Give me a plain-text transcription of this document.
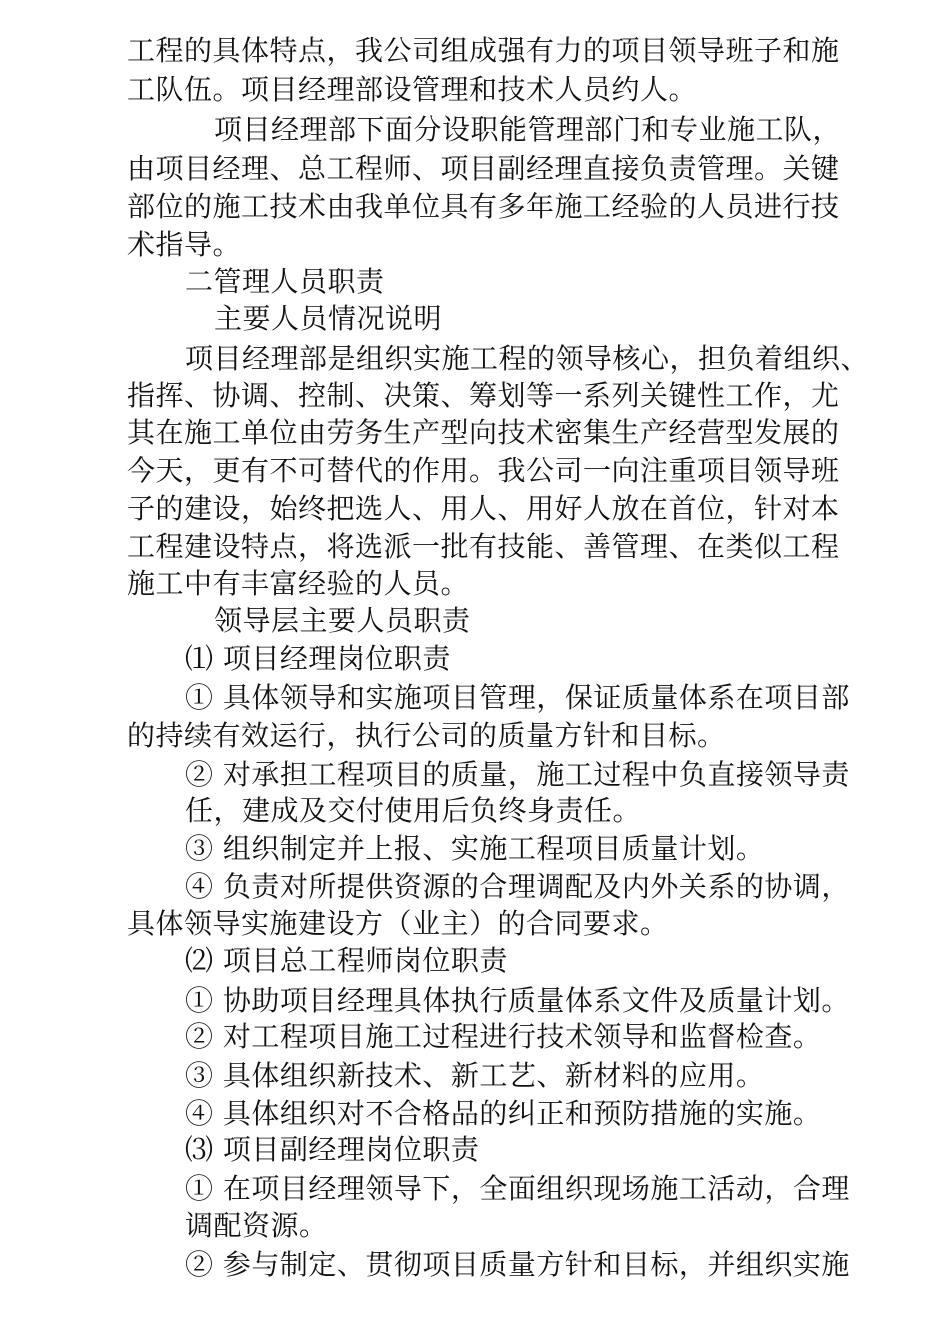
工程的具体特点，我公司组成强有力的项目领导班子和施
工队伍。项目经理部设管理和技术人员约人。
项目经理部下面分设职能管理部门和专业施工队，
由项目经理、总工程师、项目副经理直接负责管理。关键
部位的施工技术由我单位具有多年施工经验的人员进行技
术指导。
二管理人员职责
主要人员情况说明
项目经理部是组织实施工程的领导核心，担负着组织、
指挥、协调、控制、决策、筹划等一系列关键性工作，尤
其在施工单位由劳务生产型向技术密集生产经营型发展的
今天，更有不可替代的作用。我公司一向注重项目领导班
子的建设，始终把选人、用人、用好人放在首位，针对本
工程建设特点，将选派一批有技能、善管理、在类似工程
施工中有丰富经验的人员。
领导层主要人员职责
⑴ 项目经理岗位职责
① 具体领导和实施项目管理，保证质量体系在项目部
的持续有效运行，执行公司的质量方针和目标。
② 对承担工程项目的质量，施工过程中负直接领导责
任，建成及交付使用后负终身责任。
③ 组织制定并上报、实施工程项目质量计划。
④ 负责对所提供资源的合理调配及内外关系的协调，
具体领导实施建设方（业主）的合同要求。
⑵ 项目总工程师岗位职责
① 协助项目经理具体执行质量体系文件及质量计划。
② 对工程项目施工过程进行技术领导和监督检查。
③ 具体组织新技术、新工艺、新材料的应用。
④ 具体组织对不合格品的纠正和预防措施的实施。
⑶ 项目副经理岗位职责
① 在项目经理领导下，全面组织现场施工活动，合理
调配资源。
② 参与制定、贯彻项目质量方针和目标，并组织实施
